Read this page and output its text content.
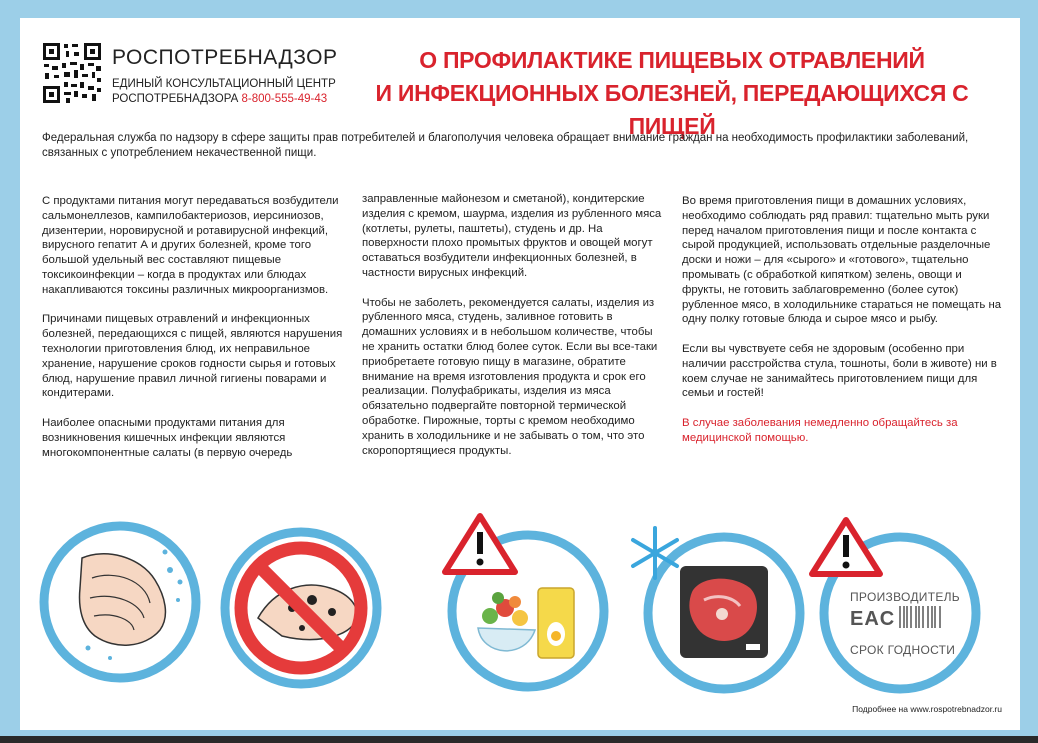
РОСПОТРЕБНАДЗОР
ЕДИНЫЙ КОНСУЛЬТАЦИОННЫЙ ЦЕНТР
РОСПОТРЕБНАДЗОРА 8-800-555-49-43
О ПРОФИЛАКТИКЕ ПИЩЕВЫХ ОТРАВЛЕНИЙ
И ИНФЕКЦИОННЫХ БОЛЕЗНЕЙ, ПЕРЕДАЮЩИХСЯ С ПИЩЕЙ
Федеральная служба по надзору в сфере защиты прав потребителей и благополучия человека обращает внимание граждан на необходимость профилактики заболеваний, связанных с употреблением некачественной пищи.

С продуктами питания могут передаваться возбудители сальмонеллезов, кампилобактериозов, иерсиниозов, дизентерии, норовирусной и ротавирусной инфекций, вирусного гепатит А и других болезней, кроме того большой удельный вес составляют пищевые токсикоинфекции – когда в продуктах или блюдах накапливаются токсины различных микроорганизмов.

Причинами пищевых отравлений и инфекционных болезней, передающихся с пищей, являются нарушения технологии приготовления блюд, их неправильное хранение, нарушение сроков годности сырья и готовых блюд, нарушение правил личной гигиены поварами и кондитерами.

Наиболее опасными продуктами питания для возникновения кишечных инфекции являются многокомпонентные салаты (в первую очередь

заправленные майонезом и сметаной), кондитерские изделия с кремом, шаурма, изделия из рубленного мяса (котлеты, рулеты, паштеты), студень и др. На поверхности плохо промытых фруктов и овощей могут оставаться возбудители инфекционных болезней, в частности вирусных инфекций.

Чтобы не заболеть, рекомендуется салаты, изделия из рубленного мяса, студень, заливное готовить в домашних условиях и в небольшом количестве, чтобы не хранить остатки блюд более суток. Если вы все-таки приобретаете готовую пищу в магазине, обратите внимание на время изготовления продукта и срок его реализации. Полуфабрикаты, изделия из мяса обязательно подвергайте повторной термической обработке. Пирожные, торты с кремом необходимо хранить в холодильнике и не забывать о том, что это скоропортящиеся продукты.

Во время приготовления пищи в домашних условиях, необходимо соблюдать ряд правил: тщательно мыть руки перед началом приготовления пищи и после контакта с сырой продукцией, использовать отдельные разделочные доски и ножи – для «сырого» и «готового», тщательно промывать (с обработкой кипятком) зелень, овощи и фрукты, не готовить заблаговременно (более суток) рубленное мясо, в холодильнике стараться не помещать на одну полку готовые блюда и сырое мясо и рыбу.

Если вы чувствуете себя не здоровым (особенно при наличии расстройства стула, тошноты, боли в животе) ни в коем случае не занимайтесь приготовлением пищи для семьи и гостей!

В случае заболевания немедленно обращайтесь за медицинской помощью.

ПРОИЗВОДИТЕЛЬ
EAC
СРОК ГОДНОСТИ
Подробнее на www.rospotrebnadzor.ru
